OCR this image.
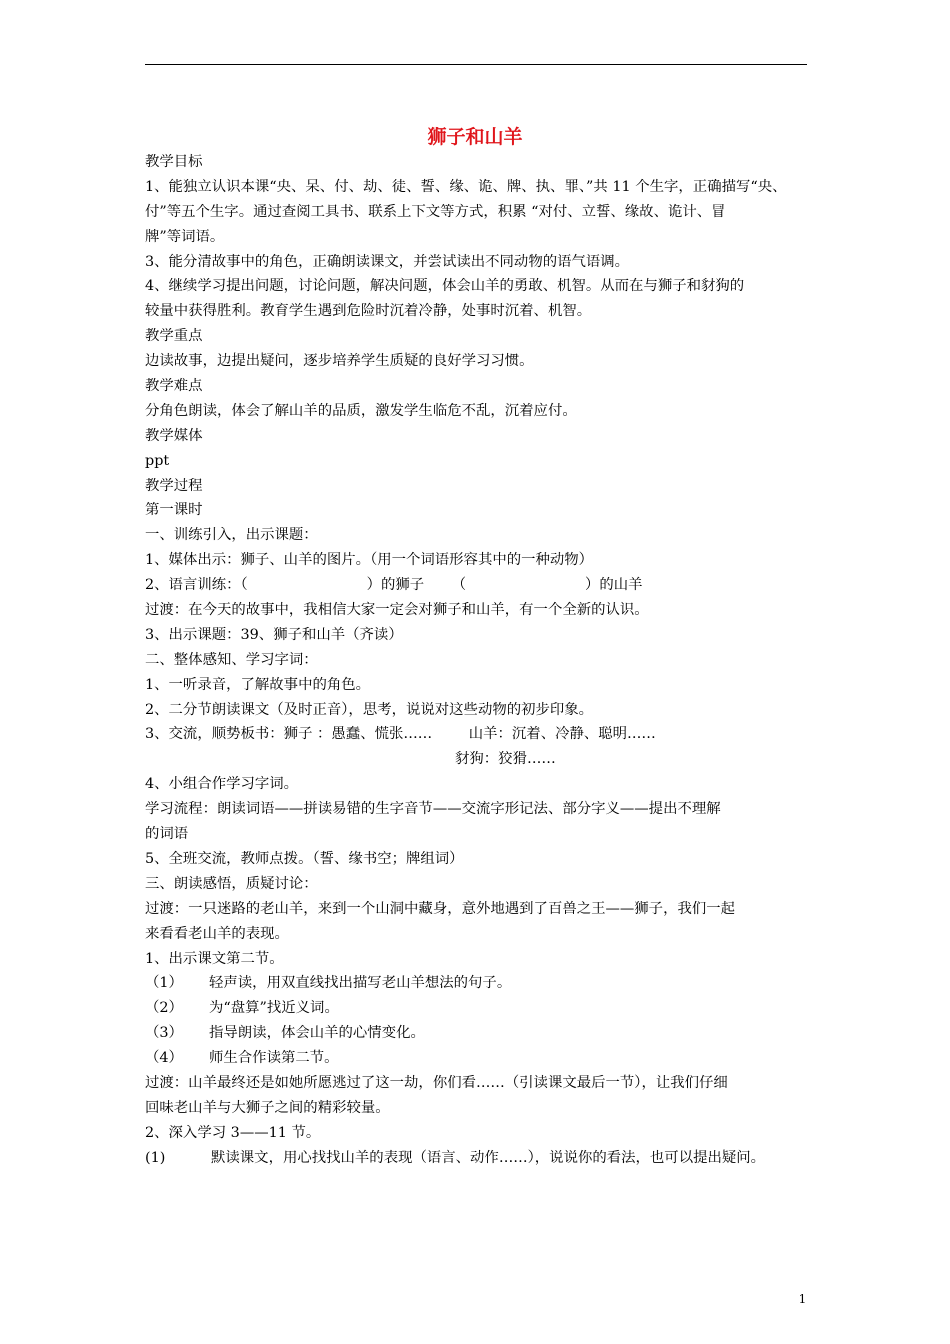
狮子和山羊
教学目标
1、能独立认识本课“央、呆、付、劫、徒、誓、缘、诡、牌、执、罪、”共 11 个生字，正确描写“央、
付”等五个生字。通过查阅工具书、联系上下文等方式，积累 “对付、立誓、缘故、诡计、冒
牌”等词语。
3、能分清故事中的角色，正确朗读课文，并尝试读出不同动物的语气语调。
4、继续学习提出问题，讨论问题，解决问题，体会山羊的勇敢、机智。从而在与狮子和豺狗的
较量中获得胜利。教育学生遇到危险时沉着冷静，处事时沉着、机智。
教学重点
边读故事，边提出疑问，逐步培养学生质疑的良好学习习惯。
教学难点
分角色朗读，体会了解山羊的品质，激发学生临危不乱，沉着应付。
教学媒体
ppt
教学过程
第一课时
一、训练引入，出示课题：
1、媒体出示：狮子、山羊的图片。（用一个词语形容其中的一种动物）
2、语言训练：（                          ）的狮子      （                          ）的山羊
过渡：在今天的故事中，我相信大家一定会对狮子和山羊，有一个全新的认识。
3、出示课题：39、狮子和山羊（齐读）
二、整体感知、学习字词：
1、一听录音，了解故事中的角色。
2、二分节朗读课文（及时正音），思考，说说对这些动物的初步印象。
3、交流，顺势板书：狮子 ：愚蠢、慌张……        山羊：沉着、冷静、聪明……
豺狗：狡猾……
4、小组合作学习字词。
学习流程：朗读词语——拼读易错的生字音节——交流字形记法、部分字义——提出不理解
的词语
5、全班交流，教师点拨。（誓、缘书空；牌组词）
三、朗读感悟，质疑讨论：
过渡：一只迷路的老山羊，来到一个山洞中藏身，意外地遇到了百兽之王——狮子，我们一起
来看看老山羊的表现。
1、出示课文第二节。
（1）	轻声读，用双直线找出描写老山羊想法的句子。
（2）	为“盘算”找近义词。
（3）	指导朗读，体会山羊的心情变化。
（4）	师生合作读第二节。
过渡：山羊最终还是如她所愿逃过了这一劫，你们看……（引读课文最后一节），让我们仔细
回味老山羊与大狮子之间的精彩较量。
2、深入学习 3——11 节。
(1)	默读课文，用心找找山羊的表现（语言、动作……），说说你的看法，也可以提出疑问。
1
